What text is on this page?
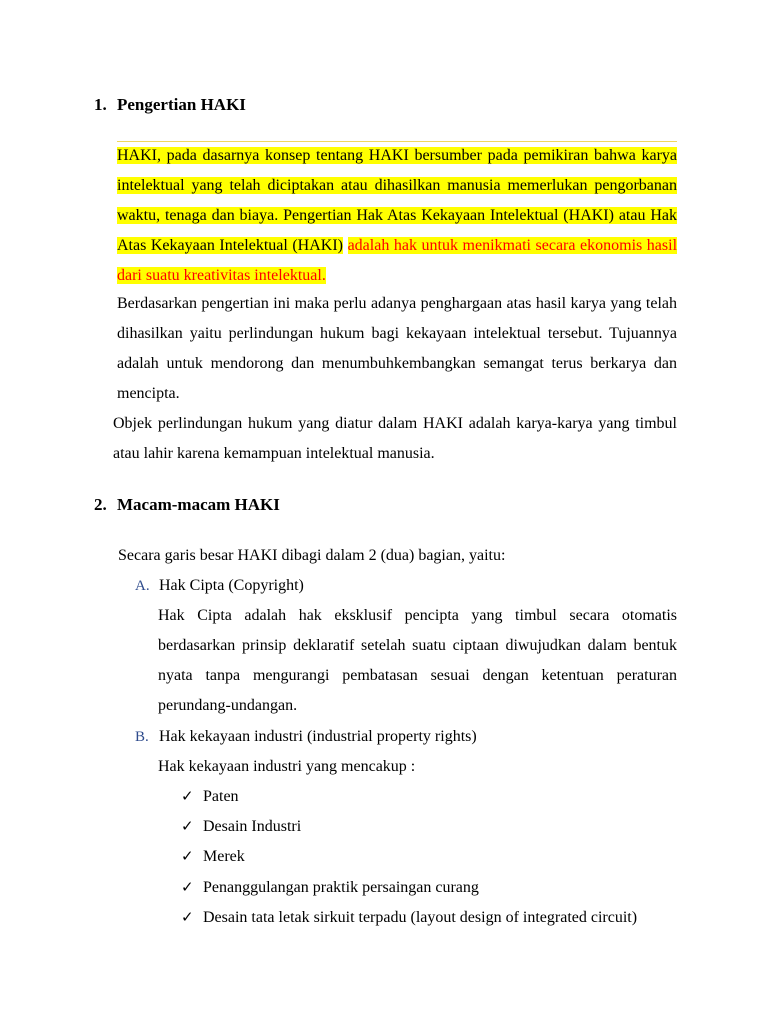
1. Pengertian HAKI
HAKI, pada dasarnya konsep tentang HAKI bersumber pada pemikiran bahwa karya intelektual yang telah diciptakan atau dihasilkan manusia memerlukan pengorbanan waktu, tenaga dan biaya. Pengertian Hak Atas Kekayaan Intelektual (HAKI) atau Hak Atas Kekayaan Intelektual (HAKI) adalah hak untuk menikmati secara ekonomis hasil dari suatu kreativitas intelektual.
Berdasarkan pengertian ini maka perlu adanya penghargaan atas hasil karya yang telah dihasilkan yaitu perlindungan hukum bagi kekayaan intelektual tersebut. Tujuannya adalah untuk mendorong dan menumbuhkembangkan semangat terus berkarya dan mencipta.
Objek perlindungan hukum yang diatur dalam HAKI adalah karya-karya yang timbul atau lahir karena kemampuan intelektual manusia.
2. Macam-macam HAKI
Secara garis besar HAKI dibagi dalam 2 (dua) bagian, yaitu:
A. Hak Cipta (Copyright)
Hak Cipta adalah hak eksklusif pencipta yang timbul secara otomatis berdasarkan prinsip deklaratif setelah suatu ciptaan diwujudkan dalam bentuk nyata tanpa mengurangi pembatasan sesuai dengan ketentuan peraturan perundang-undangan.
B. Hak kekayaan industri (industrial property rights)
Hak kekayaan industri yang mencakup :
✓ Paten
✓ Desain Industri
✓ Merek
✓ Penanggulangan praktik persaingan curang
✓ Desain tata letak sirkuit terpadu (layout design of integrated circuit)
